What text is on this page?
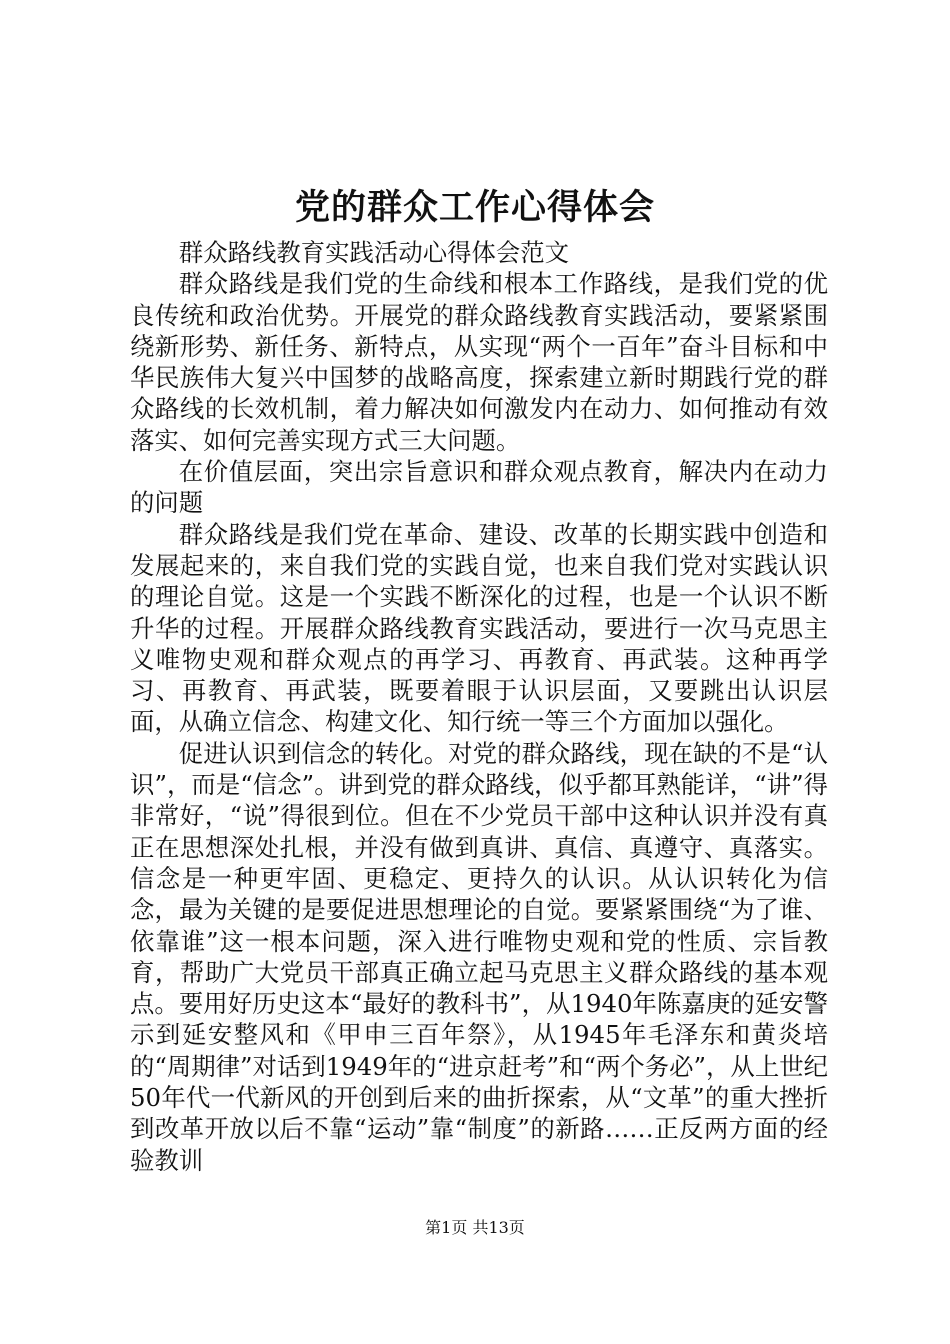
党的群众工作心得体会

群众路线教育实践活动心得体会范文

群众路线是我们党的生命线和根本工作路线，是我们党的优良传统和政治优势。开展党的群众路线教育实践活动，要紧紧围绕新形势、新任务、新特点，从实现“两个一百年”奋斗目标和中华民族伟大复兴中国梦的战略高度，探索建立新时期践行党的群众路线的长效机制，着力解决如何激发内在动力、如何推动有效落实、如何完善实现方式三大问题。

在价值层面，突出宗旨意识和群众观点教育，解决内在动力的问题

群众路线是我们党在革命、建设、改革的长期实践中创造和发展起来的，来自我们党的实践自觉，也来自我们党对实践认识的理论自觉。这是一个实践不断深化的过程，也是一个认识不断升华的过程。开展群众路线教育实践活动，要进行一次马克思主义唯物史观和群众观点的再学习、再教育、再武装。这种再学习、再教育、再武装，既要着眼于认识层面，又要跳出认识层面，从确立信念、构建文化、知行统一等三个方面加以强化。

促进认识到信念的转化。对党的群众路线，现在缺的不是“认识”，而是“信念”。讲到党的群众路线，似乎都耳熟能详，“讲”得非常好，“说”得很到位。但在不少党员干部中这种认识并没有真正在思想深处扎根，并没有做到真讲、真信、真遵守、真落实。信念是一种更牢固、更稳定、更持久的认识。从认识转化为信念，最为关键的是要促进思想理论的自觉。要紧紧围绕“为了谁、依靠谁”这一根本问题，深入进行唯物史观和党的性质、宗旨教育，帮助广大党员干部真正确立起马克思主义群众路线的基本观点。要用好历史这本“最好的教科书”，从1940年陈嘉庚的延安警示到延安整风和《甲申三百年祭》，从1945年毛泽东和黄炎培的“周期律”对话到1949年的“进京赶考”和“两个务必”，从上世纪50年代一代新风的开创到后来的曲折探索，从“文革”的重大挫折到改革开放以后不靠“运动”靠“制度”的新路……正反两方面的经验教训

第1页 共13页
